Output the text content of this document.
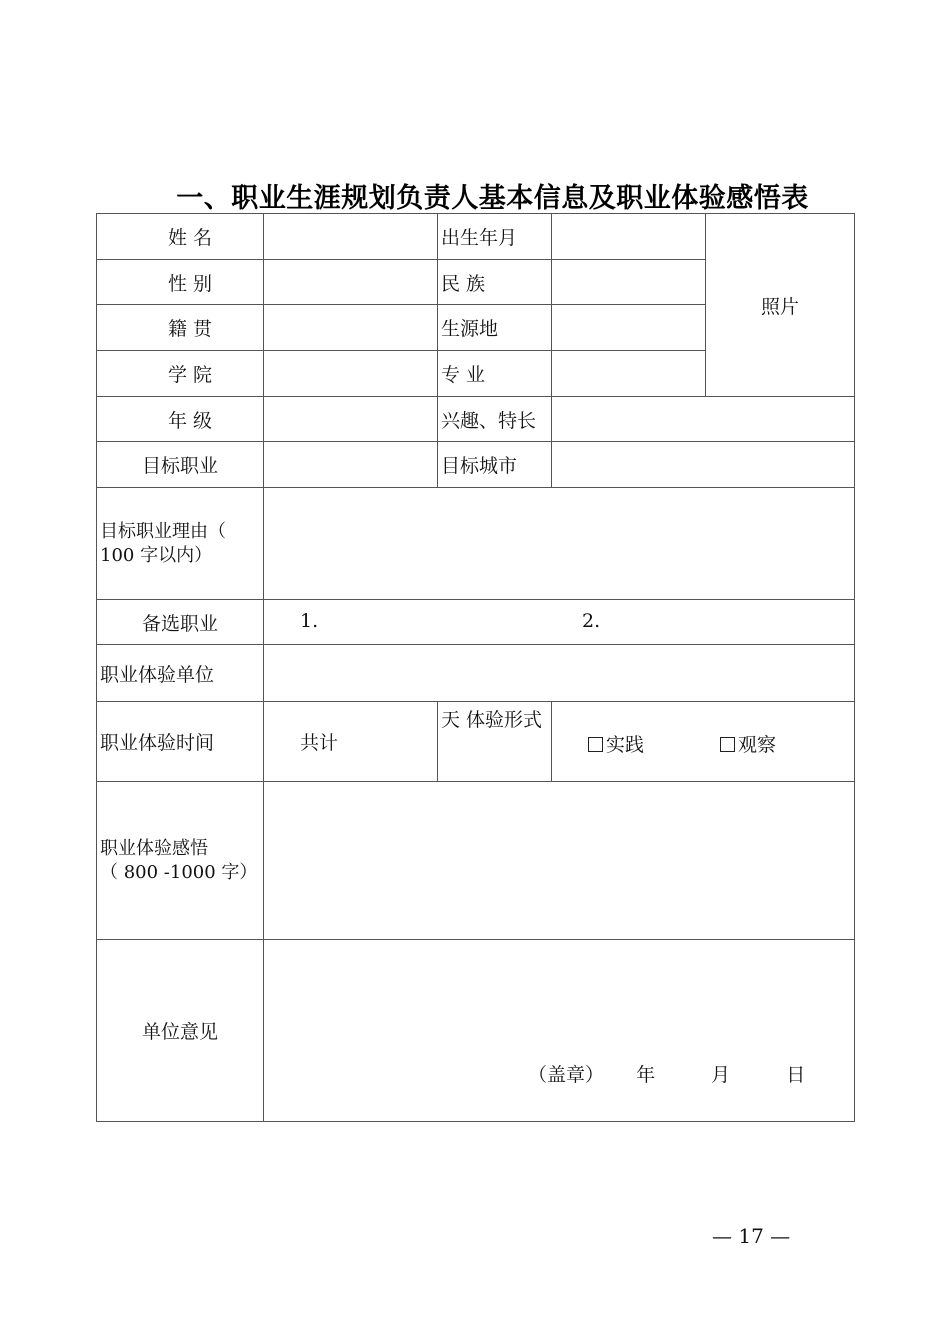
一、职业生涯规划负责人基本信息及职业体验感悟表
姓 名		出生年月		照片
性 别		民 族		
籍 贯		生源地		
学 院		专 业		
年 级		兴趣、特长		
目标职业		目标城市		

目标职业理由（
100 字以内）				

备选职业	1. 2.			

职业体验单位				
职业体验时间	共计	天 体验形式	实践 观察	

职业体验感悟
（ 800 -1000 字）				

单位意见	（盖章） 年 月 日			
— 17 —
